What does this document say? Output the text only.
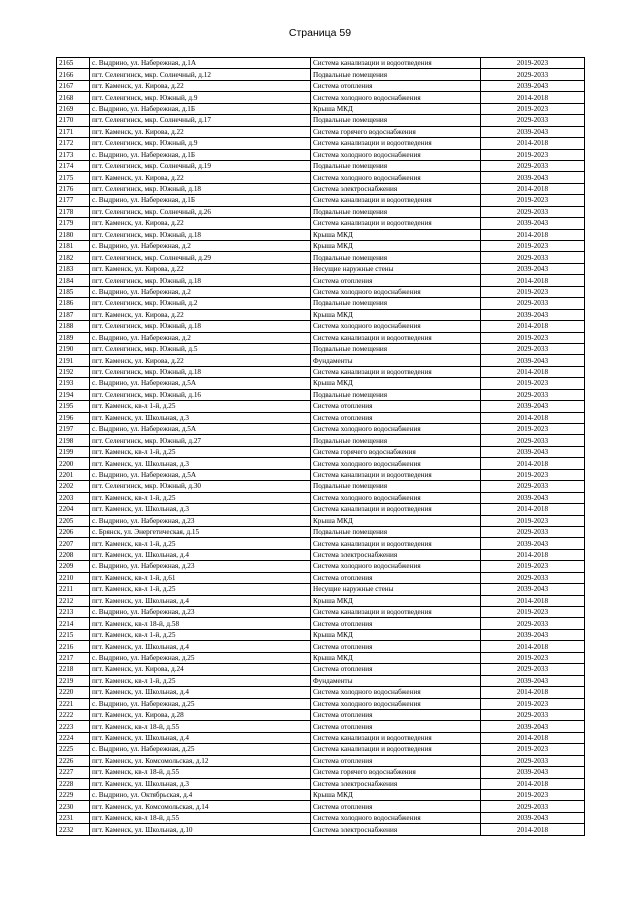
Страница 59
2165	с. Выдрино, ул. Набережная, д.1А	Система канализации и водоотведения	2019-2023
2166	пгт. Селенгинск, мкр. Солнечный, д.12	Подвальные помещения	2029-2033
2167	пгт. Каменск, ул. Кирова, д.22	Система отопления	2039-2043
2168	пгт. Селенгинск, мкр. Южный, д.9	Система холодного водоснабжения	2014-2018
2169	с. Выдрино, ул. Набережная, д.1Б	Крыша МКД	2019-2023
2170	пгт. Селенгинск, мкр. Солнечный, д.17	Подвальные помещения	2029-2033
2171	пгт. Каменск, ул. Кирова, д.22	Система горячего водоснабжения	2039-2043
2172	пгт. Селенгинск, мкр. Южный, д.9	Система канализации и водоотведения	2014-2018
2173	с. Выдрино, ул. Набережная, д.1Б	Система холодного водоснабжения	2019-2023
2174	пгт. Селенгинск, мкр. Солнечный, д.19	Подвальные помещения	2029-2033
2175	пгт. Каменск, ул. Кирова, д.22	Система холодного водоснабжения	2039-2043
2176	пгт. Селенгинск, мкр. Южный, д.18	Система электроснабжения	2014-2018
2177	с. Выдрино, ул. Набережная, д.1Б	Система канализации и водоотведения	2019-2023
2178	пгт. Селенгинск, мкр. Солнечный, д.26	Подвальные помещения	2029-2033
2179	пгт. Каменск, ул. Кирова, д.22	Система канализации и водоотведения	2039-2043
2180	пгт. Селенгинск, мкр. Южный, д.18	Крыша МКД	2014-2018
2181	с. Выдрино, ул. Набережная, д.2	Крыша МКД	2019-2023
2182	пгт. Селенгинск, мкр. Солнечный, д.29	Подвальные помещения	2029-2033
2183	пгт. Каменск, ул. Кирова, д.22	Несущие наружные стены	2039-2043
2184	пгт. Селенгинск, мкр. Южный, д.18	Система отопления	2014-2018
2185	с. Выдрино, ул. Набережная, д.2	Система холодного водоснабжения	2019-2023
2186	пгт. Селенгинск, мкр. Южный, д.2	Подвальные помещения	2029-2033
2187	пгт. Каменск, ул. Кирова, д.22	Крыша МКД	2039-2043
2188	пгт. Селенгинск, мкр. Южный, д.18	Система холодного водоснабжения	2014-2018
2189	с. Выдрино, ул. Набережная, д.2	Система канализации и водоотведения	2019-2023
2190	пгт. Селенгинск, мкр. Южный, д.5	Подвальные помещения	2029-2033
2191	пгт. Каменск, ул. Кирова, д.22	Фундаменты	2039-2043
2192	пгт. Селенгинск, мкр. Южный, д.18	Система канализации и водоотведения	2014-2018
2193	с. Выдрино, ул. Набережная, д.5А	Крыша МКД	2019-2023
2194	пгт. Селенгинск, мкр. Южный, д.16	Подвальные помещения	2029-2033
2195	пгт. Каменск, кв-л 1-й, д.25	Система отопления	2039-2043
2196	пгт. Каменск, ул. Школьная, д.3	Система отопления	2014-2018
2197	с. Выдрино, ул. Набережная, д.5А	Система холодного водоснабжения	2019-2023
2198	пгт. Селенгинск, мкр. Южный, д.27	Подвальные помещения	2029-2033
2199	пгт. Каменск, кв-л 1-й, д.25	Система горячего водоснабжения	2039-2043
2200	пгт. Каменск, ул. Школьная, д.3	Система холодного водоснабжения	2014-2018
2201	с. Выдрино, ул. Набережная, д.5А	Система канализации и водоотведения	2019-2023
2202	пгт. Селенгинск, мкр. Южный, д.30	Подвальные помещения	2029-2033
2203	пгт. Каменск, кв-л 1-й, д.25	Система холодного водоснабжения	2039-2043
2204	пгт. Каменск, ул. Школьная, д.3	Система канализации и водоотведения	2014-2018
2205	с. Выдрино, ул. Набережная, д.23	Крыша МКД	2019-2023
2206	с. Брянск, ул. Энергетическая, д.15	Подвальные помещения	2029-2033
2207	пгт. Каменск, кв-л 1-й, д.25	Система канализации и водоотведения	2039-2043
2208	пгт. Каменск, ул. Школьная, д.4	Система электроснабжения	2014-2018
2209	с. Выдрино, ул. Набережная, д.23	Система холодного водоснабжения	2019-2023
2210	пгт. Каменск, кв-л 1-й, д.61	Система отопления	2029-2033
2211	пгт. Каменск, кв-л 1-й, д.25	Несущие наружные стены	2039-2043
2212	пгт. Каменск, ул. Школьная, д.4	Крыша МКД	2014-2018
2213	с. Выдрино, ул. Набережная, д.23	Система канализации и водоотведения	2019-2023
2214	пгт. Каменск, кв-л 18-й, д.58	Система отопления	2029-2033
2215	пгт. Каменск, кв-л 1-й, д.25	Крыша МКД	2039-2043
2216	пгт. Каменск, ул. Школьная, д.4	Система отопления	2014-2018
2217	с. Выдрино, ул. Набережная, д.25	Крыша МКД	2019-2023
2218	пгт. Каменск, ул. Кирова, д.24	Система отопления	2029-2033
2219	пгт. Каменск, кв-л 1-й, д.25	Фундаменты	2039-2043
2220	пгт. Каменск, ул. Школьная, д.4	Система холодного водоснабжения	2014-2018
2221	с. Выдрино, ул. Набережная, д.25	Система холодного водоснабжения	2019-2023
2222	пгт. Каменск, ул. Кирова, д.28	Система отопления	2029-2033
2223	пгт. Каменск, кв-л 18-й, д.55	Система отопления	2039-2043
2224	пгт. Каменск, ул. Школьная, д.4	Система канализации и водоотведения	2014-2018
2225	с. Выдрино, ул. Набережная, д.25	Система канализации и водоотведения	2019-2023
2226	пгт. Каменск, ул. Комсомольская, д.12	Система отопления	2029-2033
2227	пгт. Каменск, кв-л 18-й, д.55	Система горячего водоснабжения	2039-2043
2228	пгт. Каменск, ул. Школьная, д.3	Система электроснабжения	2014-2018
2229	с. Выдрино, ул. Октябрьская, д.4	Крыша МКД	2019-2023
2230	пгт. Каменск, ул. Комсомольская, д.14	Система отопления	2029-2033
2231	пгт. Каменск, кв-л 18-й, д.55	Система холодного водоснабжения	2039-2043
2232	пгт. Каменск, ул. Школьная, д.10	Система электроснабжения	2014-2018
